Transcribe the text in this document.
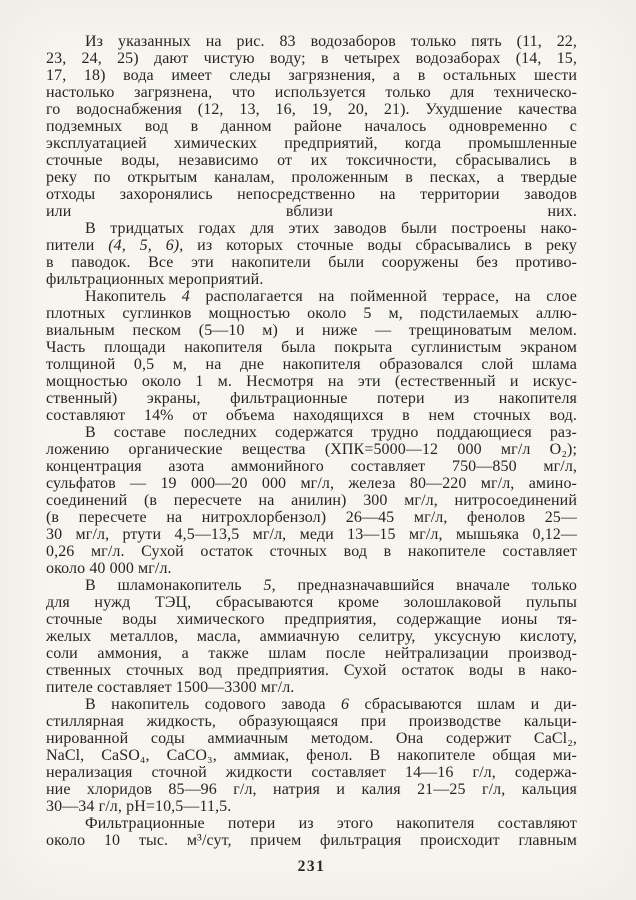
Из указанных на рис. 83 водозаборов только пять (11, 22,
23, 24, 25) дают чистую воду; в четырех водозаборах (14, 15,
17, 18) вода имеет следы загрязнения, а в остальных шести
настолько загрязнена, что используется только для техническо-
го водоснабжения (12, 13, 16, 19, 20, 21). Ухудшение качества
подземных вод в данном районе началось одновременно с
эксплуатацией химических предприятий, когда промышленные
сточные воды, независимо от их токсичности, сбрасывались в
реку по открытым каналам, проложенным в песках, а твердые
отходы захоронялись непосредственно на территории заводов
или вблизи них.
В тридцатых годах для этих заводов были построены нако-
пители (4, 5, 6), из которых сточные воды сбрасывались в реку
в паводок. Все эти накопители были сооружены без противо-
фильтрационных мероприятий.
Накопитель 4 располагается на пойменной террасе, на слое
плотных суглинков мощностью около 5 м, подстилаемых аллю-
виальным песком (5—10 м) и ниже — трещиноватым мелом.
Часть площади накопителя была покрыта суглинистым экраном
толщиной 0,5 м, на дне накопителя образовался слой шлама
мощностью около 1 м. Несмотря на эти (естественный и искус-
ственный) экраны, фильтрационные потери из накопителя
составляют 14% от объема находящихся в нем сточных вод.
В составе последних содержатся трудно поддающиеся раз-
ложению органические вещества (ХПК=5000—12 000 мг/л О₂);
концентрация азота аммонийного составляет 750—850 мг/л,
сульфатов — 19 000—20 000 мг/л, железа 80—220 мг/л, амино-
соединений (в пересчете на анилин) 300 мг/л, нитросоединений
(в пересчете на нитрохлорбензол) 26—45 мг/л, фенолов 25—
30 мг/л, ртути 4,5—13,5 мг/л, меди 13—15 мг/л, мышьяка 0,12—
0,26 мг/л. Сухой остаток сточных вод в накопителе составляет
около 40 000 мг/л.
В шламонакопитель 5, предназначавшийся вначале только
для нужд ТЭЦ, сбрасываются кроме золошлаковой пульпы
сточные воды химического предприятия, содержащие ионы тя-
желых металлов, масла, аммиачную селитру, уксусную кислоту,
соли аммония, а также шлам после нейтрализации производ-
ственных сточных вод предприятия. Сухой остаток воды в нако-
пителе составляет 1500—3300 мг/л.
В накопитель содового завода 6 сбрасываются шлам и ди-
стиллярная жидкость, образующаяся при производстве кальци-
нированной соды аммиачным методом. Она содержит CaCl₂,
NaCl, CaSO₄, CaCO₃, аммиак, фенол. В накопителе общая ми-
нерализация сточной жидкости составляет 14—16 г/л, содержа-
ние хлоридов 85—96 г/л, натрия и калия 21—25 г/л, кальция
30—34 г/л, pH=10,5—11,5.
Фильтрационные потери из этого накопителя составляют
около 10 тыс. м³/сут, причем фильтрация происходит главным
231
